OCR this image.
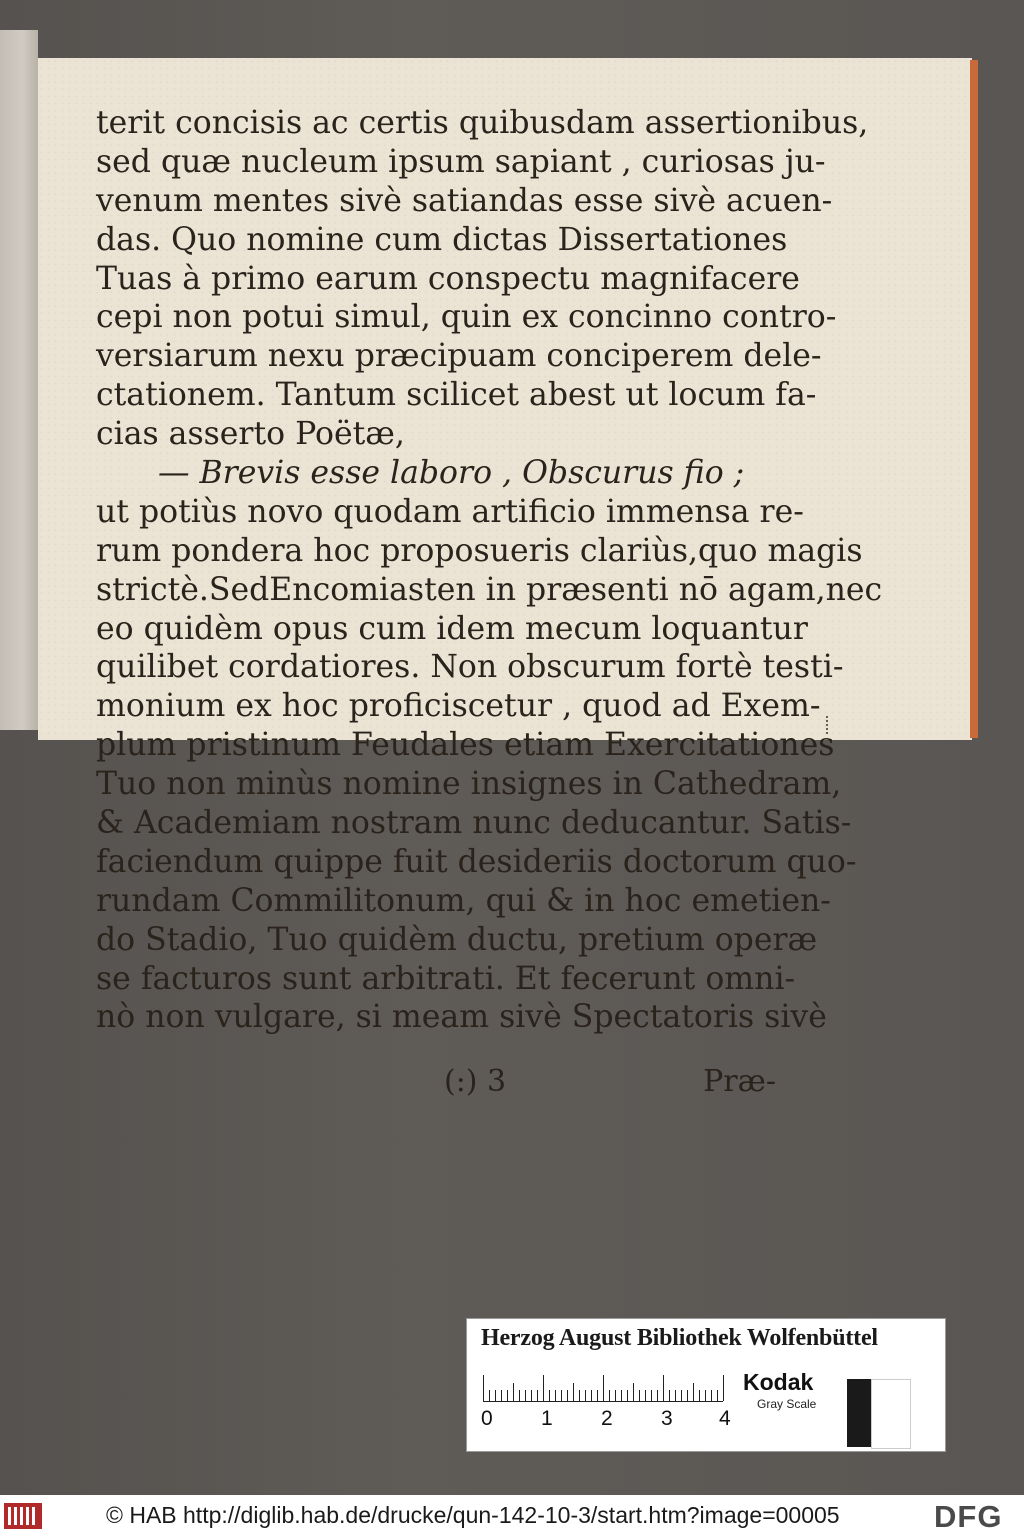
terit concisis ac certis quibusdam assertionibus,
sed quæ nucleum ipsum sapiant , curiosas ju-
venum mentes sivè satiandas esse sivè acuen-
das. Quo nomine cum dictas Dissertationes
Tuas à primo earum conspectu magnifacere
cepi non potui simul, quin ex concinno contro-
versiarum nexu præcipuam conciperem dele-
ctationem. Tantum scilicet abest ut locum fa-
cias asserto Poëtæ,
— Brevis esse laboro , Obscurus fio ;
ut potiùs novo quodam artificio immensa re-
rum pondera hoc proposueris clariùs,quo magis
strictè.SedEncomiasten in præsenti nō agam,nec
eo quidèm opus cum idem mecum loquantur
quilibet cordatiores. Non obscurum fortè testi-
monium ex hoc proficiscetur , quod ad Exem-
plum pristinum Feudales etiam Exercitationes
Tuo non minùs nomine insignes in Cathedram,
& Academiam nostram nunc deducantur. Satis-
faciendum quippe fuit desideriis doctorum quo-
rundam Commilitonum, qui & in hoc emetien-
do Stadio, Tuo quidèm ductu, pretium operæ
se facturos sunt arbitrati. Et fecerunt omni-
nò non vulgare, si meam sivè Spectatoris sivè
(:) 3	Præ-
Herzog August Bibliothek Wolfenbüttel
0 1 2 3 4
Kodak
Gray Scale
© HAB http://diglib.hab.de/drucke/qun-142-10-3/start.htm?image=00005	DFG
